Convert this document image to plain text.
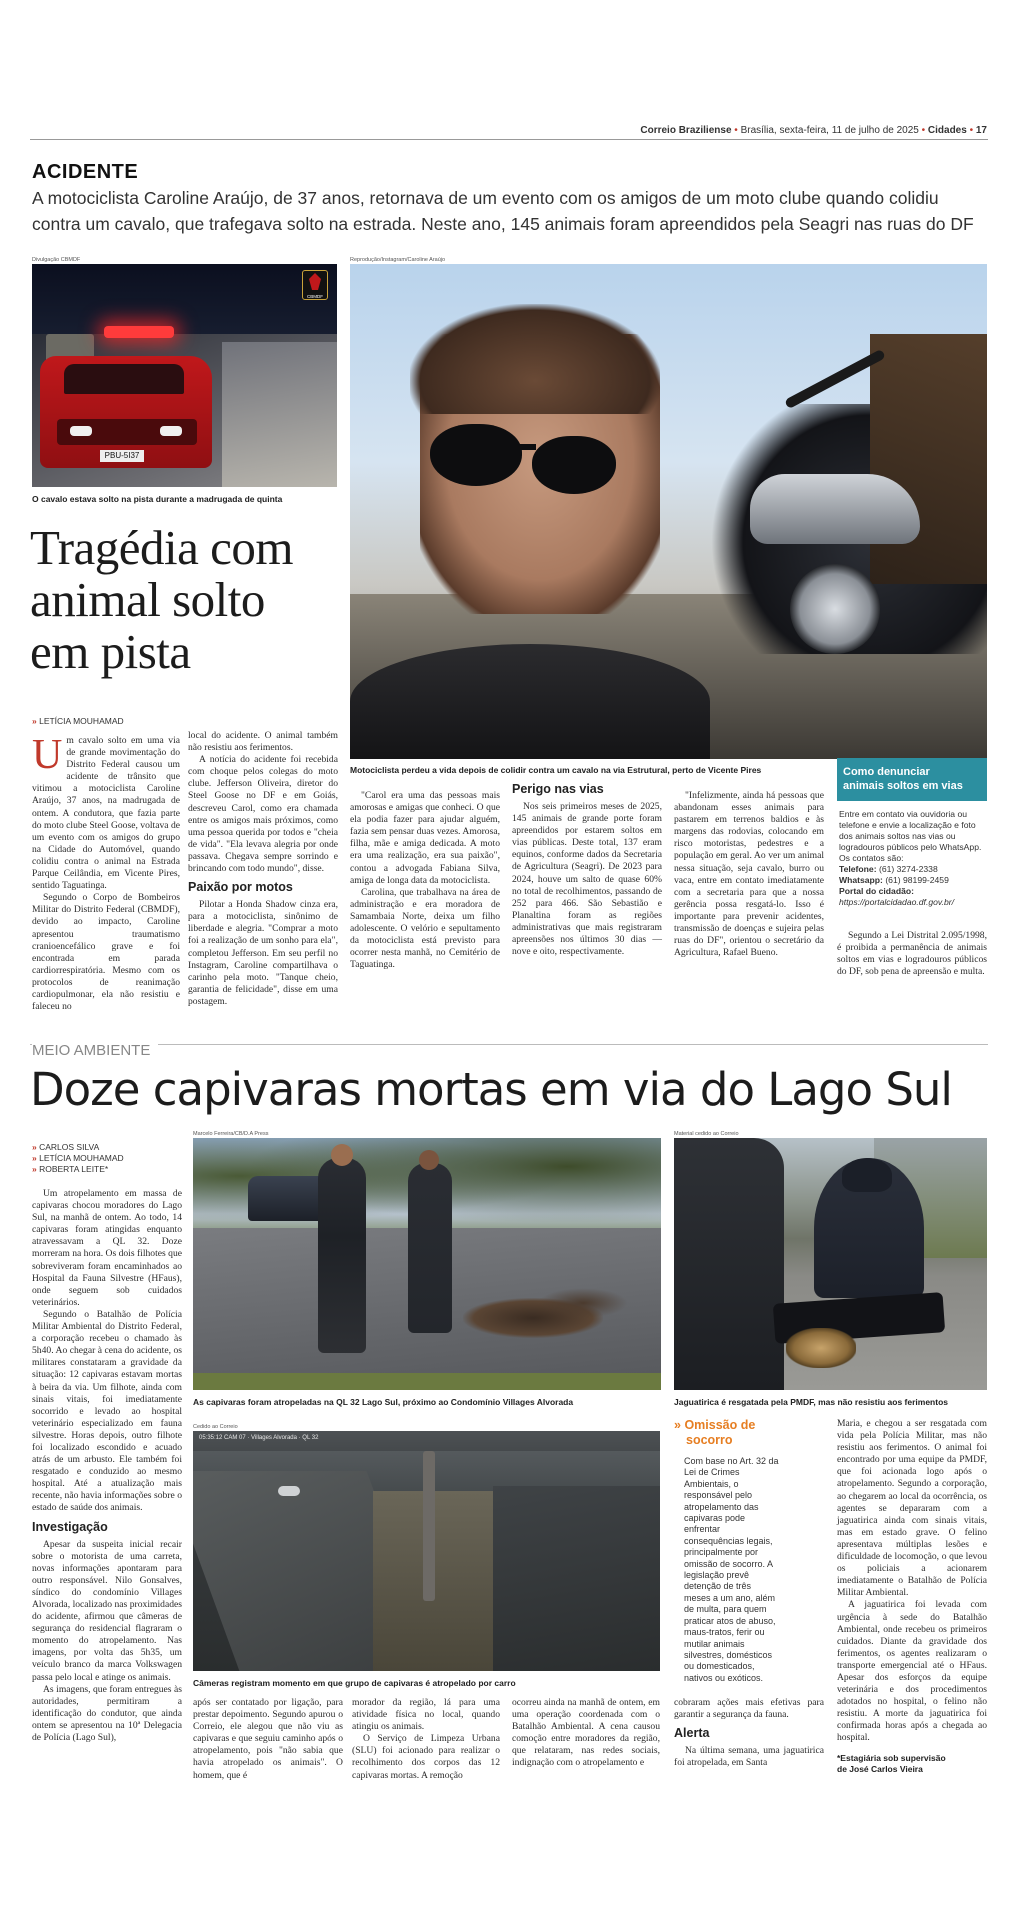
Correio Braziliense • Brasília, sexta-feira, 11 de julho de 2025 • Cidades • 17
ACIDENTE
A motociclista Caroline Araújo, de 37 anos, retornava de um evento com os amigos de um moto clube quando colidiu
contra um cavalo, que trafegava solto na estrada. Neste ano, 145 animais foram apreendidos pela Seagri nas ruas do DF
Divulgação CBMDF
PBU-5I37
CBMDF
O cavalo estava solto na pista durante a madrugada de quinta
Tragédia com
animal solto
em pista
Reprodução/Instagram/Caroline Araújo
Motociclista perdeu a vida depois de colidir contra um cavalo na via Estrutural, perto de Vicente Pires
» LETÍCIA MOUHAMAD

Um cavalo solto em uma via de grande movimentação do Distrito Federal causou um acidente de trânsito que vitimou a motociclista Caroline Araújo, 37 anos, na madrugada de ontem. A condutora, que fazia parte do moto clube Steel Goose, voltava de um evento com os amigos do grupo na Cidade do Automóvel, quando colidiu contra o animal na Estrada Parque Ceilândia, em Vicente Pires, sentido Taguatinga.

Segundo o Corpo de Bombeiros Militar do Distrito Federal (CBMDF), devido ao impacto, Caroline apresentou traumatismo cranioencefálico grave e foi encontrada em parada cardiorrespiratória. Mesmo com os protocolos de reanimação cardiopulmonar, ela não resistiu e faleceu no

local do acidente. O animal também não resistiu aos ferimentos.

A notícia do acidente foi recebida com choque pelos colegas do moto clube. Jefferson Oliveira, diretor do Steel Goose no DF e em Goiás, descreveu Carol, como era chamada entre os amigos mais próximos, como uma pessoa querida por todos e "cheia de vida". "Ela levava alegria por onde passava. Chegava sempre sorrindo e brincando com todo mundo", disse.

Paixão por motos

Pilotar a Honda Shadow cinza era, para a motociclista, sinônimo de liberdade e alegria. "Comprar a moto foi a realização de um sonho para ela", completou Jefferson. Em seu perfil no Instagram, Caroline compartilhava o carinho pela moto. "Tanque cheio, garantia de felicidade", disse em uma postagem.

"Carol era uma das pessoas mais amorosas e amigas que conheci. O que ela podia fazer para ajudar alguém, fazia sem pensar duas vezes. Amorosa, filha, mãe e amiga dedicada. A moto era uma realização, era sua paixão", contou a advogada Fabiana Silva, amiga de longa data da motociclista.

Carolina, que trabalhava na área de administração e era moradora de Samambaia Norte, deixa um filho adolescente. O velório e sepultamento da motociclista está previsto para ocorrer nesta manhã, no Cemitério de Taguatinga.

Perigo nas vias

Nos seis primeiros meses de 2025, 145 animais de grande porte foram apreendidos por estarem soltos em vias públicas. Deste total, 137 eram equinos, conforme dados da Secretaria de Agricultura (Seagri). De 2023 para 2024, houve um salto de quase 60% no total de recolhimentos, passando de 252 para 466. São Sebastião e Planaltina foram as regiões administrativas que mais registraram apreensões nos últimos 30 dias — nove e oito, respectivamente.

"Infelizmente, ainda há pessoas que abandonam esses animais para pastarem em terrenos baldios e às margens das rodovias, colocando em risco motoristas, pedestres e a população em geral. Ao ver um animal nessa situação, seja cavalo, burro ou vaca, entre em contato imediatamente com a secretaria para que a nossa gerência possa resgatá-lo. Isso é importante para prevenir acidentes, transmissão de doenças e sujeira pelas ruas do DF", orientou o secretário da Agricultura, Rafael Bueno.

Como denunciar
animais soltos em vias
Entre em contato via ouvidoria ou telefone e envie a localização e foto dos animais soltos nas vias ou logradouros públicos pelo WhatsApp. Os contatos são:
Telefone: (61) 3274-2338
Whatsapp: (61) 98199-2459
Portal do cidadão: https://portalcidadao.df.gov.br/

Segundo a Lei Distrital 2.095/1998, é proibida a permanência de animais soltos em vias e logradouros públicos do DF, sob pena de apreensão e multa.

MEIO AMBIENTE
Doze capivaras mortas em via do Lago Sul
» CARLOS SILVA
» LETÍCIA MOUHAMAD
» ROBERTA LEITE*

Um atropelamento em massa de capivaras chocou moradores do Lago Sul, na manhã de ontem. Ao todo, 14 capivaras foram atingidas enquanto atravessavam a QL 32. Doze morreram na hora. Os dois filhotes que sobreviveram foram encaminhados ao Hospital da Fauna Silvestre (HFaus), onde seguem sob cuidados veterinários.

Segundo o Batalhão de Polícia Militar Ambiental do Distrito Federal, a corporação recebeu o chamado às 5h40. Ao chegar à cena do acidente, os militares constataram a gravidade da situação: 12 capivaras estavam mortas à beira da via. Um filhote, ainda com sinais vitais, foi imediatamente socorrido e levado ao hospital veterinário especializado em fauna silvestre. Horas depois, outro filhote foi localizado escondido e acuado atrás de um arbusto. Ele também foi resgatado e conduzido ao mesmo hospital. Até a atualização mais recente, não havia informações sobre o estado de saúde dos animais.

Investigação

Apesar da suspeita inicial recair sobre o motorista de uma carreta, novas informações apontaram para outro responsável. Nilo Gonsalves, síndico do condomínio Villages Alvorada, localizado nas proximidades do acidente, afirmou que câmeras de segurança do residencial flagraram o momento do atropelamento. Nas imagens, por volta das 5h35, um veículo branco da marca Volkswagen passa pelo local e atinge os animais.

As imagens, que foram entregues às autoridades, permitiram a identificação do condutor, que ainda ontem se apresentou na 10ª Delegacia de Polícia (Lago Sul),

Marcelo Ferreira/CB/D.A Press
As capivaras foram atropeladas na QL 32 Lago Sul, próximo ao Condomínio Villages Alvorada
Material cedido ao Correio
Jaguatirica é resgatada pela PMDF, mas não resistiu aos ferimentos
Cedido ao Correio
05:35:12 CAM 07 · Villages Alvorada · QL 32
Câmeras registram momento em que grupo de capivaras é atropelado por carro
» Omissão de
socorro
Com base no Art. 32 da Lei de Crimes Ambientais, o responsável pelo atropelamento das capivaras pode enfrentar consequências legais, principalmente por omissão de socorro. A legislação prevê detenção de três meses a um ano, além de multa, para quem praticar atos de abuso, maus-tratos, ferir ou mutilar animais silvestres, domésticos ou domesticados, nativos ou exóticos.

após ser contatado por ligação, para prestar depoimento. Segundo apurou o Correio, ele alegou que não viu as capivaras e que seguiu caminho após o atropelamento, pois "não sabia que havia atropelado os animais". O homem, que é

morador da região, lá para uma atividade física no local, quando atingiu os animais.

O Serviço de Limpeza Urbana (SLU) foi acionado para realizar o recolhimento dos corpos das 12 capivaras mortas. A remoção

ocorreu ainda na manhã de ontem, em uma operação coordenada com o Batalhão Ambiental. A cena causou comoção entre moradores da região, que relataram, nas redes sociais, indignação com o atropelamento e

cobraram ações mais efetivas para garantir a segurança da fauna.

Alerta

Na última semana, uma jaguatirica foi atropelada, em Santa

Maria, e chegou a ser resgatada com vida pela Polícia Militar, mas não resistiu aos ferimentos. O animal foi encontrado por uma equipe da PMDF, que foi acionada logo após o atropelamento. Segundo a corporação, ao chegarem ao local da ocorrência, os agentes se depararam com a jaguatirica ainda com sinais vitais, mas em estado grave. O felino apresentava múltiplas lesões e dificuldade de locomoção, o que levou os policiais a acionarem imediatamente o Batalhão de Polícia Militar Ambiental.

A jaguatirica foi levada com urgência à sede do Batalhão Ambiental, onde recebeu os primeiros cuidados. Diante da gravidade dos ferimentos, os agentes realizaram o transporte emergencial até o HFaus. Apesar dos esforços da equipe veterinária e dos procedimentos adotados no hospital, o felino não resistiu. A morte da jaguatirica foi confirmada horas após a chegada ao hospital.

*Estagiária sob supervisão
de José Carlos Vieira
